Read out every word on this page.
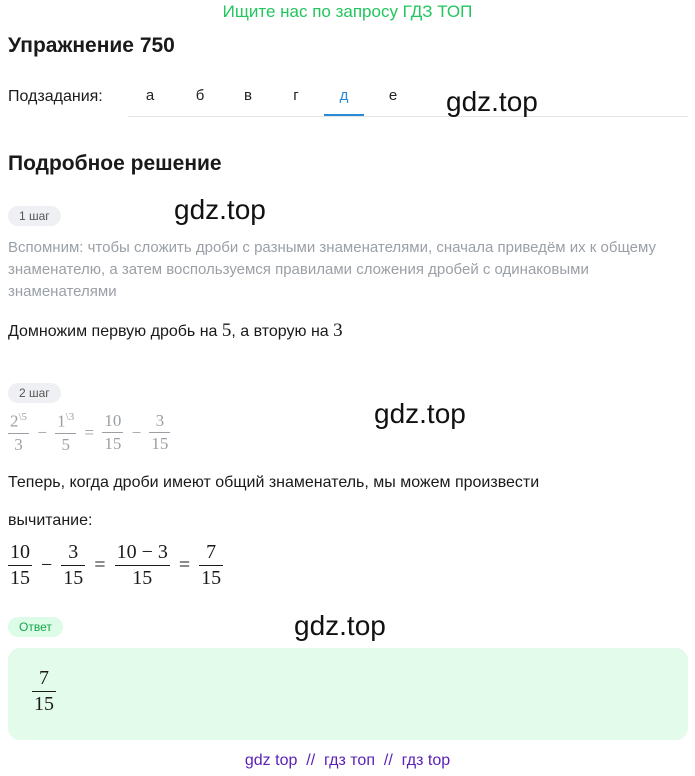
Ищите нас по запросу ГДЗ ТОП
Упражнение 750
Подзадания:	а	б	в	г	д	е	gdz.top
Подробное решение
1 шаг	gdz.top
Вспомним: чтобы сложить дроби с разными знаменателями, сначала приведём их к общему знаменателю, а затем воспользуемся правилами сложения дробей с одинаковыми знаменателями
Домножим первую дробь на 5, а вторую на 3
2 шаг
gdz.top
$\frac{2^{\backslash 5}}{3} - \frac{1^{\backslash 3}}{5} = \frac{10}{15} - \frac{3}{15}$
Теперь, когда дроби имеют общий знаменатель, мы можем произвести
вычитание:
$\frac{10}{15} - \frac{3}{15} = \frac{10 - 3}{15} = \frac{7}{15}$
Ответ	gdz.top
$\frac{7}{15}$
gdz top  //  гдз топ  //  гдз top
